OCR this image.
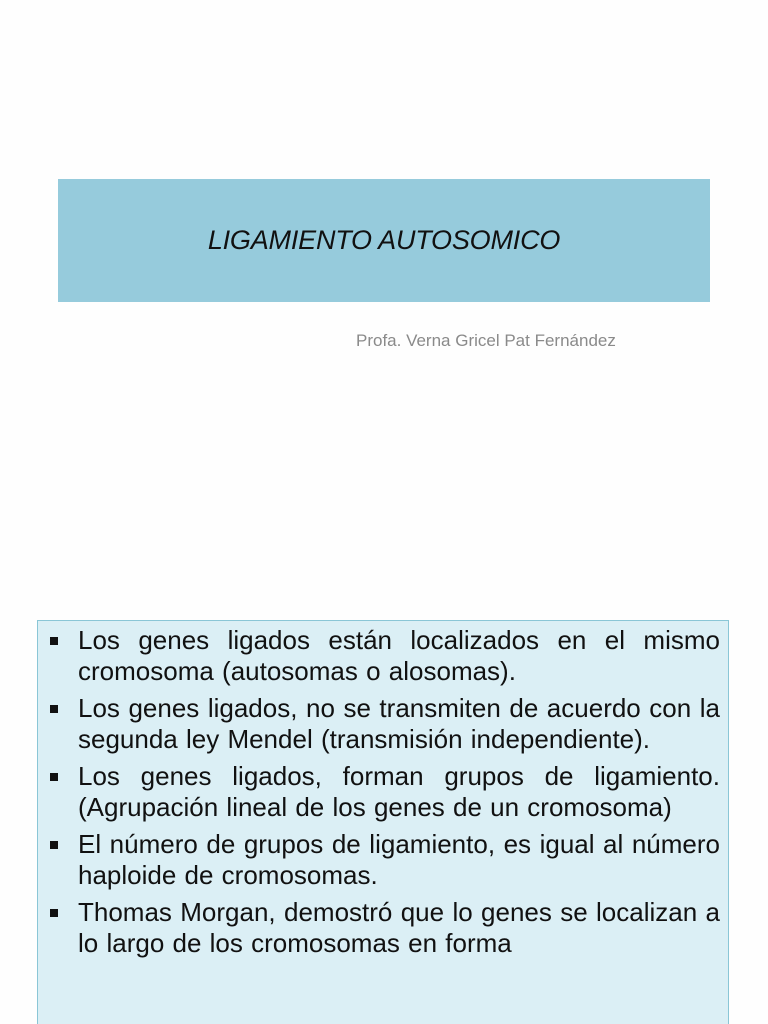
LIGAMIENTO AUTOSOMICO
Profa. Verna Gricel Pat Fernández
Los genes ligados están localizados en el mismo cromosoma (autosomas o alosomas).
Los genes ligados, no se transmiten de acuerdo con la segunda ley Mendel (transmisión independiente).
Los genes ligados, forman grupos de ligamiento. (Agrupación lineal de los genes de un cromosoma)
El número de grupos de ligamiento, es igual al número haploide de cromosomas.
Thomas Morgan, demostró que lo genes se localizan a lo largo de los cromosomas en forma
